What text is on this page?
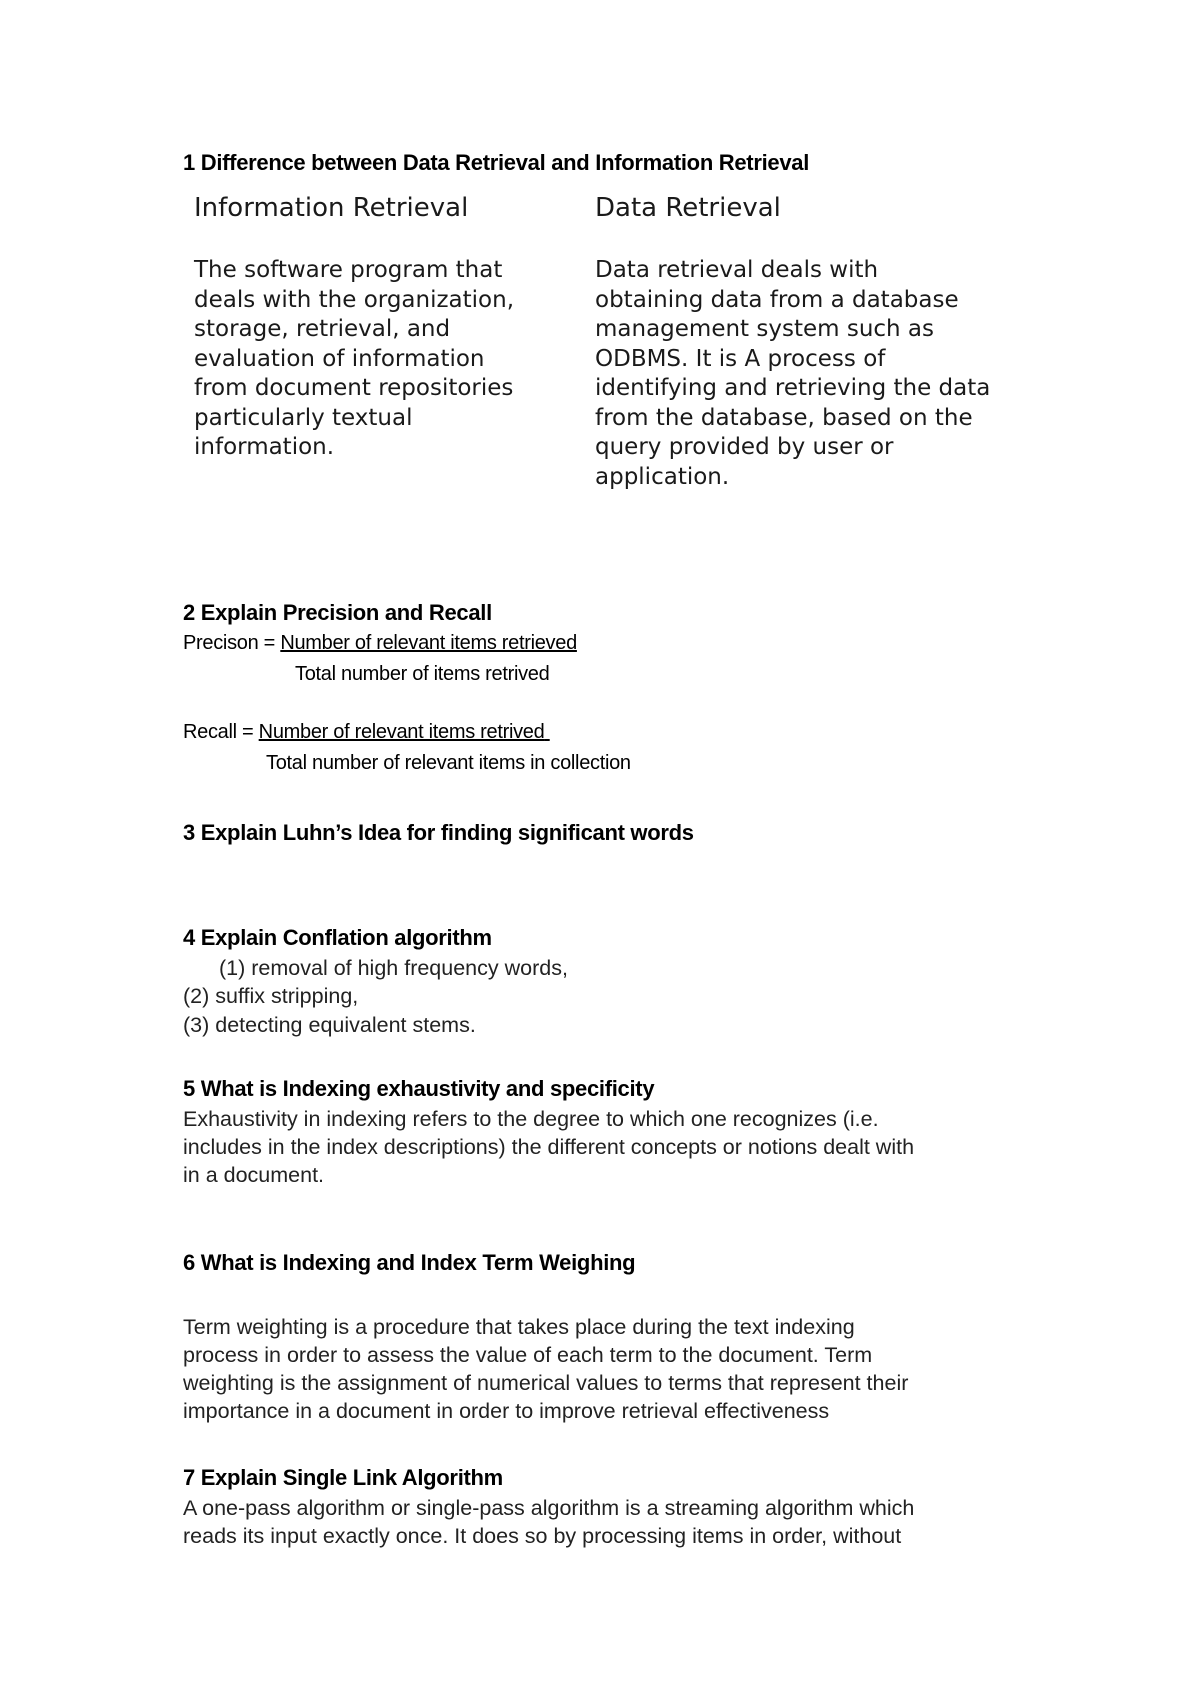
1 Difference between Data Retrieval and Information Retrieval
Information Retrieval	Data Retrieval
The software program that
deals with the organization,
storage, retrieval, and
evaluation of information
from document repositories
particularly textual
information.
Data retrieval deals with
obtaining data from a database
management system such as
ODBMS. It is A process of
identifying and retrieving the data
from the database, based on the
query provided by user or
application.
2 Explain Precision and Recall
Precison = Number of relevant items retrieved
Total number of items retrived
Recall = Number of relevant items retrived
Total number of relevant items in collection
3 Explain Luhn’s Idea for finding significant words
4 Explain Conflation algorithm
(1) removal of high frequency words,
(2) suffix stripping,
(3) detecting equivalent stems.
5 What is Indexing exhaustivity and specificity
Exhaustivity in indexing refers to the degree to which one recognizes (i.e.
includes in the index descriptions) the different concepts or notions dealt with
in a document.
6 What is Indexing and Index Term Weighing
Term weighting is a procedure that takes place during the text indexing
process in order to assess the value of each term to the document. Term
weighting is the assignment of numerical values to terms that represent their
importance in a document in order to improve retrieval effectiveness
7 Explain Single Link Algorithm
A one-pass algorithm or single-pass algorithm is a streaming algorithm which
reads its input exactly once. It does so by processing items in order, without
